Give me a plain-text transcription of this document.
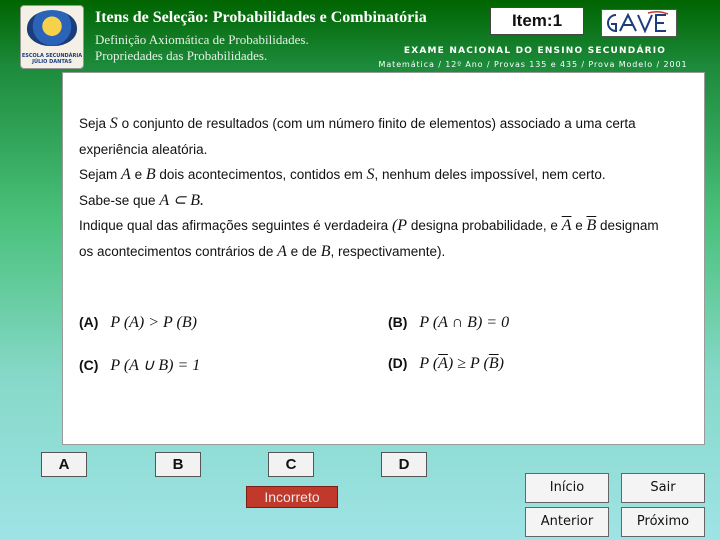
ESCOLA SECUNDÁRIA JÚLIO DANTAS
Itens de Seleção: Probabilidades e Combinatória
Definição Axiomática de Probabilidades.
Propriedades das Probabilidades.
Item:1
EXAME NACIONAL DO ENSINO SECUNDÁRIO
Matemática / 12º Ano / Provas 135 e 435 / Prova Modelo / 2001
Seja S o conjunto de resultados (com um número finito de elementos) associado a uma certa experiência aleatória.
Sejam A e B dois acontecimentos, contidos em S, nenhum deles impossível, nem certo.
Sabe-se que A ⊂ B.
Indique qual das afirmações seguintes é verdadeira (P designa probabilidade, e $\overline{A}$ e $\overline{B}$ designam os acontecimentos contrários de A e de B, respectivamente).
(A) P (A) > P (B)	(B) P (A ∩ B) = 0
(C) P (A ∪ B) = 1	(D) P $(\overline{A}) \ge P$ $(\overline{B})$
A	B	C	D
Incorreto
Início	Sair
Anterior	Próximo
